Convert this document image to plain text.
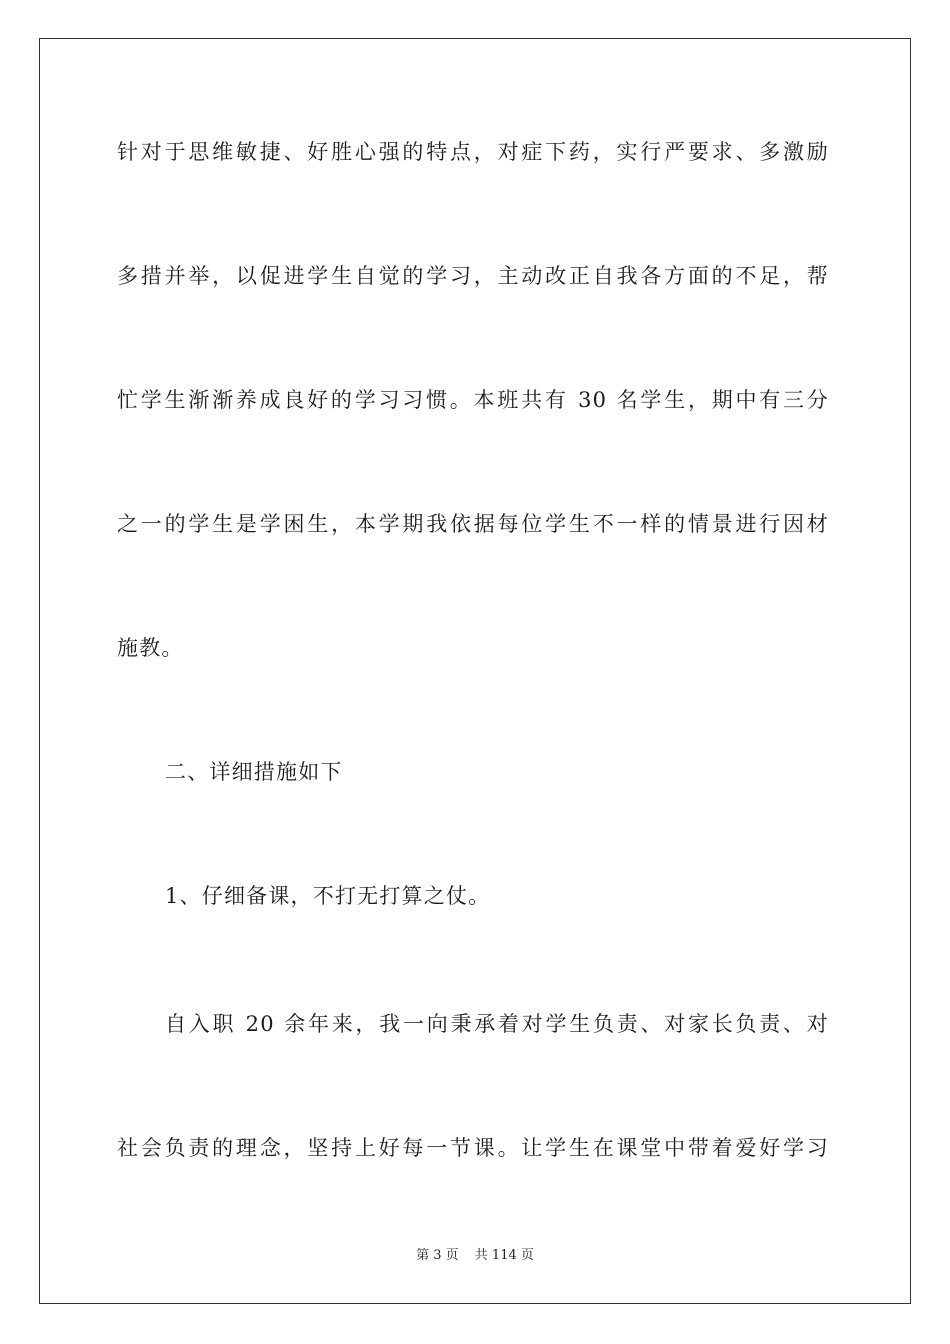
针对于思维敏捷、好胜心强的特点，对症下药，实行严要求、多激励
多措并举，以促进学生自觉的学习，主动改正自我各方面的不足，帮
忙学生渐渐养成良好的学习习惯。本班共有 30 名学生，期中有三分
之一的学生是学困生，本学期我依据每位学生不一样的情景进行因材
施教。
二、详细措施如下
1、仔细备课，不打无打算之仗。
自入职 20 余年来，我一向秉承着对学生负责、对家长负责、对
社会负责的理念，坚持上好每一节课。让学生在课堂中带着爱好学习
第 3 页 共 114 页
